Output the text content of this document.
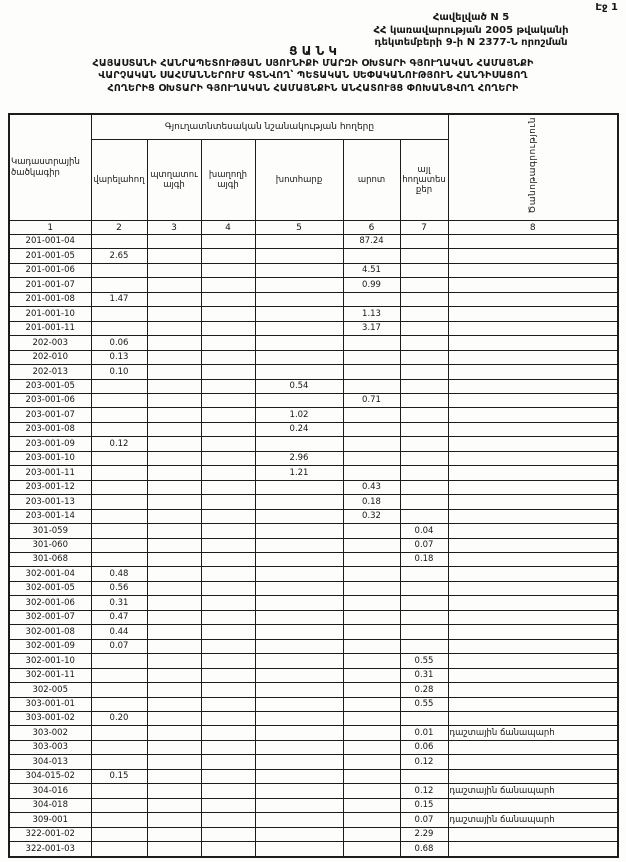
Էջ 1
Հավելված N 5
ՀՀ կառավարության 2005 թվականի
դեկտեմբերի 9-ի N 2377-Ն որոշման
Ց Ա Ն Կ
ՀԱՅԱՍՏԱՆԻ ՀԱՆՐԱՊԵՏՈՒԹՅԱՆ ՍՅՈՒՆԻՔԻ ՄԱՐԶԻ ՕԽՏԱՐԻ ԳՅՈՒՂԱԿԱՆ ՀԱՄԱՅՆՔԻ
ՎԱՐՉԱԿԱՆ ՍԱՀՄԱՆՆԵՐՈՒՄ ԳՏՆՎՈՂ՝ ՊԵՏԱԿԱՆ ՍԵՓԱԿԱՆՈՒԹՅՈՒՆ ՀԱՆԴԻՍԱՑՈՂ
ՀՈՂԵՐԻՑ ՕԽՏԱՐԻ ԳՅՈՒՂԱԿԱՆ ՀԱՄԱՅՆՔԻՆ ԱՆՀԱՏՈՒՅՑ ՓՈԽԱՆՑՎՈՂ ՀՈՂԵՐԻ
Կադաստրային ծածկագիր	Գյուղատնտեսական նշանակության հողերը						Ծանոթագրություն
	վարելահող	պտղատու այգի	խաղողի այգի	խոտհարք	արոտ	այլ հողատեսքեր	
1	2	3	4	5	6	7	8
201-001-04					87.24		
201-001-05	2.65						
201-001-06					4.51		
201-001-07					0.99		
201-001-08	1.47						
201-001-10					1.13		
201-001-11					3.17		
202-003	0.06						
202-010	0.13						
202-013	0.10						
203-001-05				0.54			
203-001-06					0.71		
203-001-07				1.02			
203-001-08				0.24			
203-001-09	0.12						
203-001-10				2.96			
203-001-11				1.21			
203-001-12					0.43		
203-001-13					0.18		
203-001-14					0.32		
301-059						0.04	
301-060						0.07	
301-068						0.18	
302-001-04	0.48						
302-001-05	0.56						
302-001-06	0.31						
302-001-07	0.47						
302-001-08	0.44						
302-001-09	0.07						
302-001-10						0.55	
302-001-11						0.31	
302-005						0.28	
303-001-01						0.55	
303-001-02	0.20						
303-002						0.01	դաշտային ճանապարհ

303-003						0.06	
304-013						0.12	
304-015-02	0.15						
304-016						0.12	դաշտային ճանապարհ

304-018						0.15	
309-001						0.07	դաշտային ճանապարհ

322-001-02						2.29	
322-001-03						0.68	
